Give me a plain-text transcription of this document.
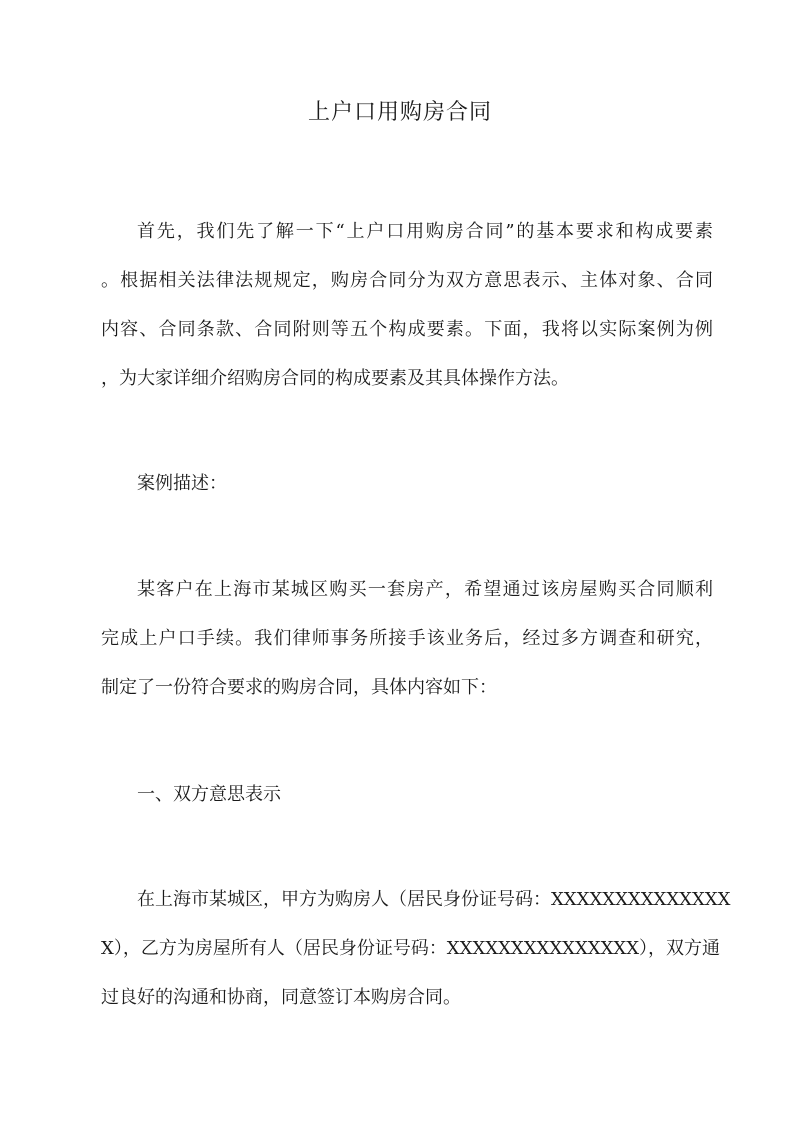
上户口用购房合同

首先，我们先了解一下“上户口用购房合同”的基本要求和构成要素
。根据相关法律法规规定，购房合同分为双方意思表示、主体对象、合同
内容、合同条款、合同附则等五个构成要素。下面，我将以实际案例为例
，为大家详细介绍购房合同的构成要素及其具体操作方法。

案例描述：

某客户在上海市某城区购买一套房产，希望通过该房屋购买合同顺利
完成上户口手续。我们律师事务所接手该业务后，经过多方调查和研究，
制定了一份符合要求的购房合同，具体内容如下：

一、双方意思表示

在上海市某城区，甲方为购房人（居民身份证号码：XXXXXXXXXXXXXX
X），乙方为房屋所有人（居民身份证号码：XXXXXXXXXXXXXXX），双方通
过良好的沟通和协商，同意签订本购房合同。
